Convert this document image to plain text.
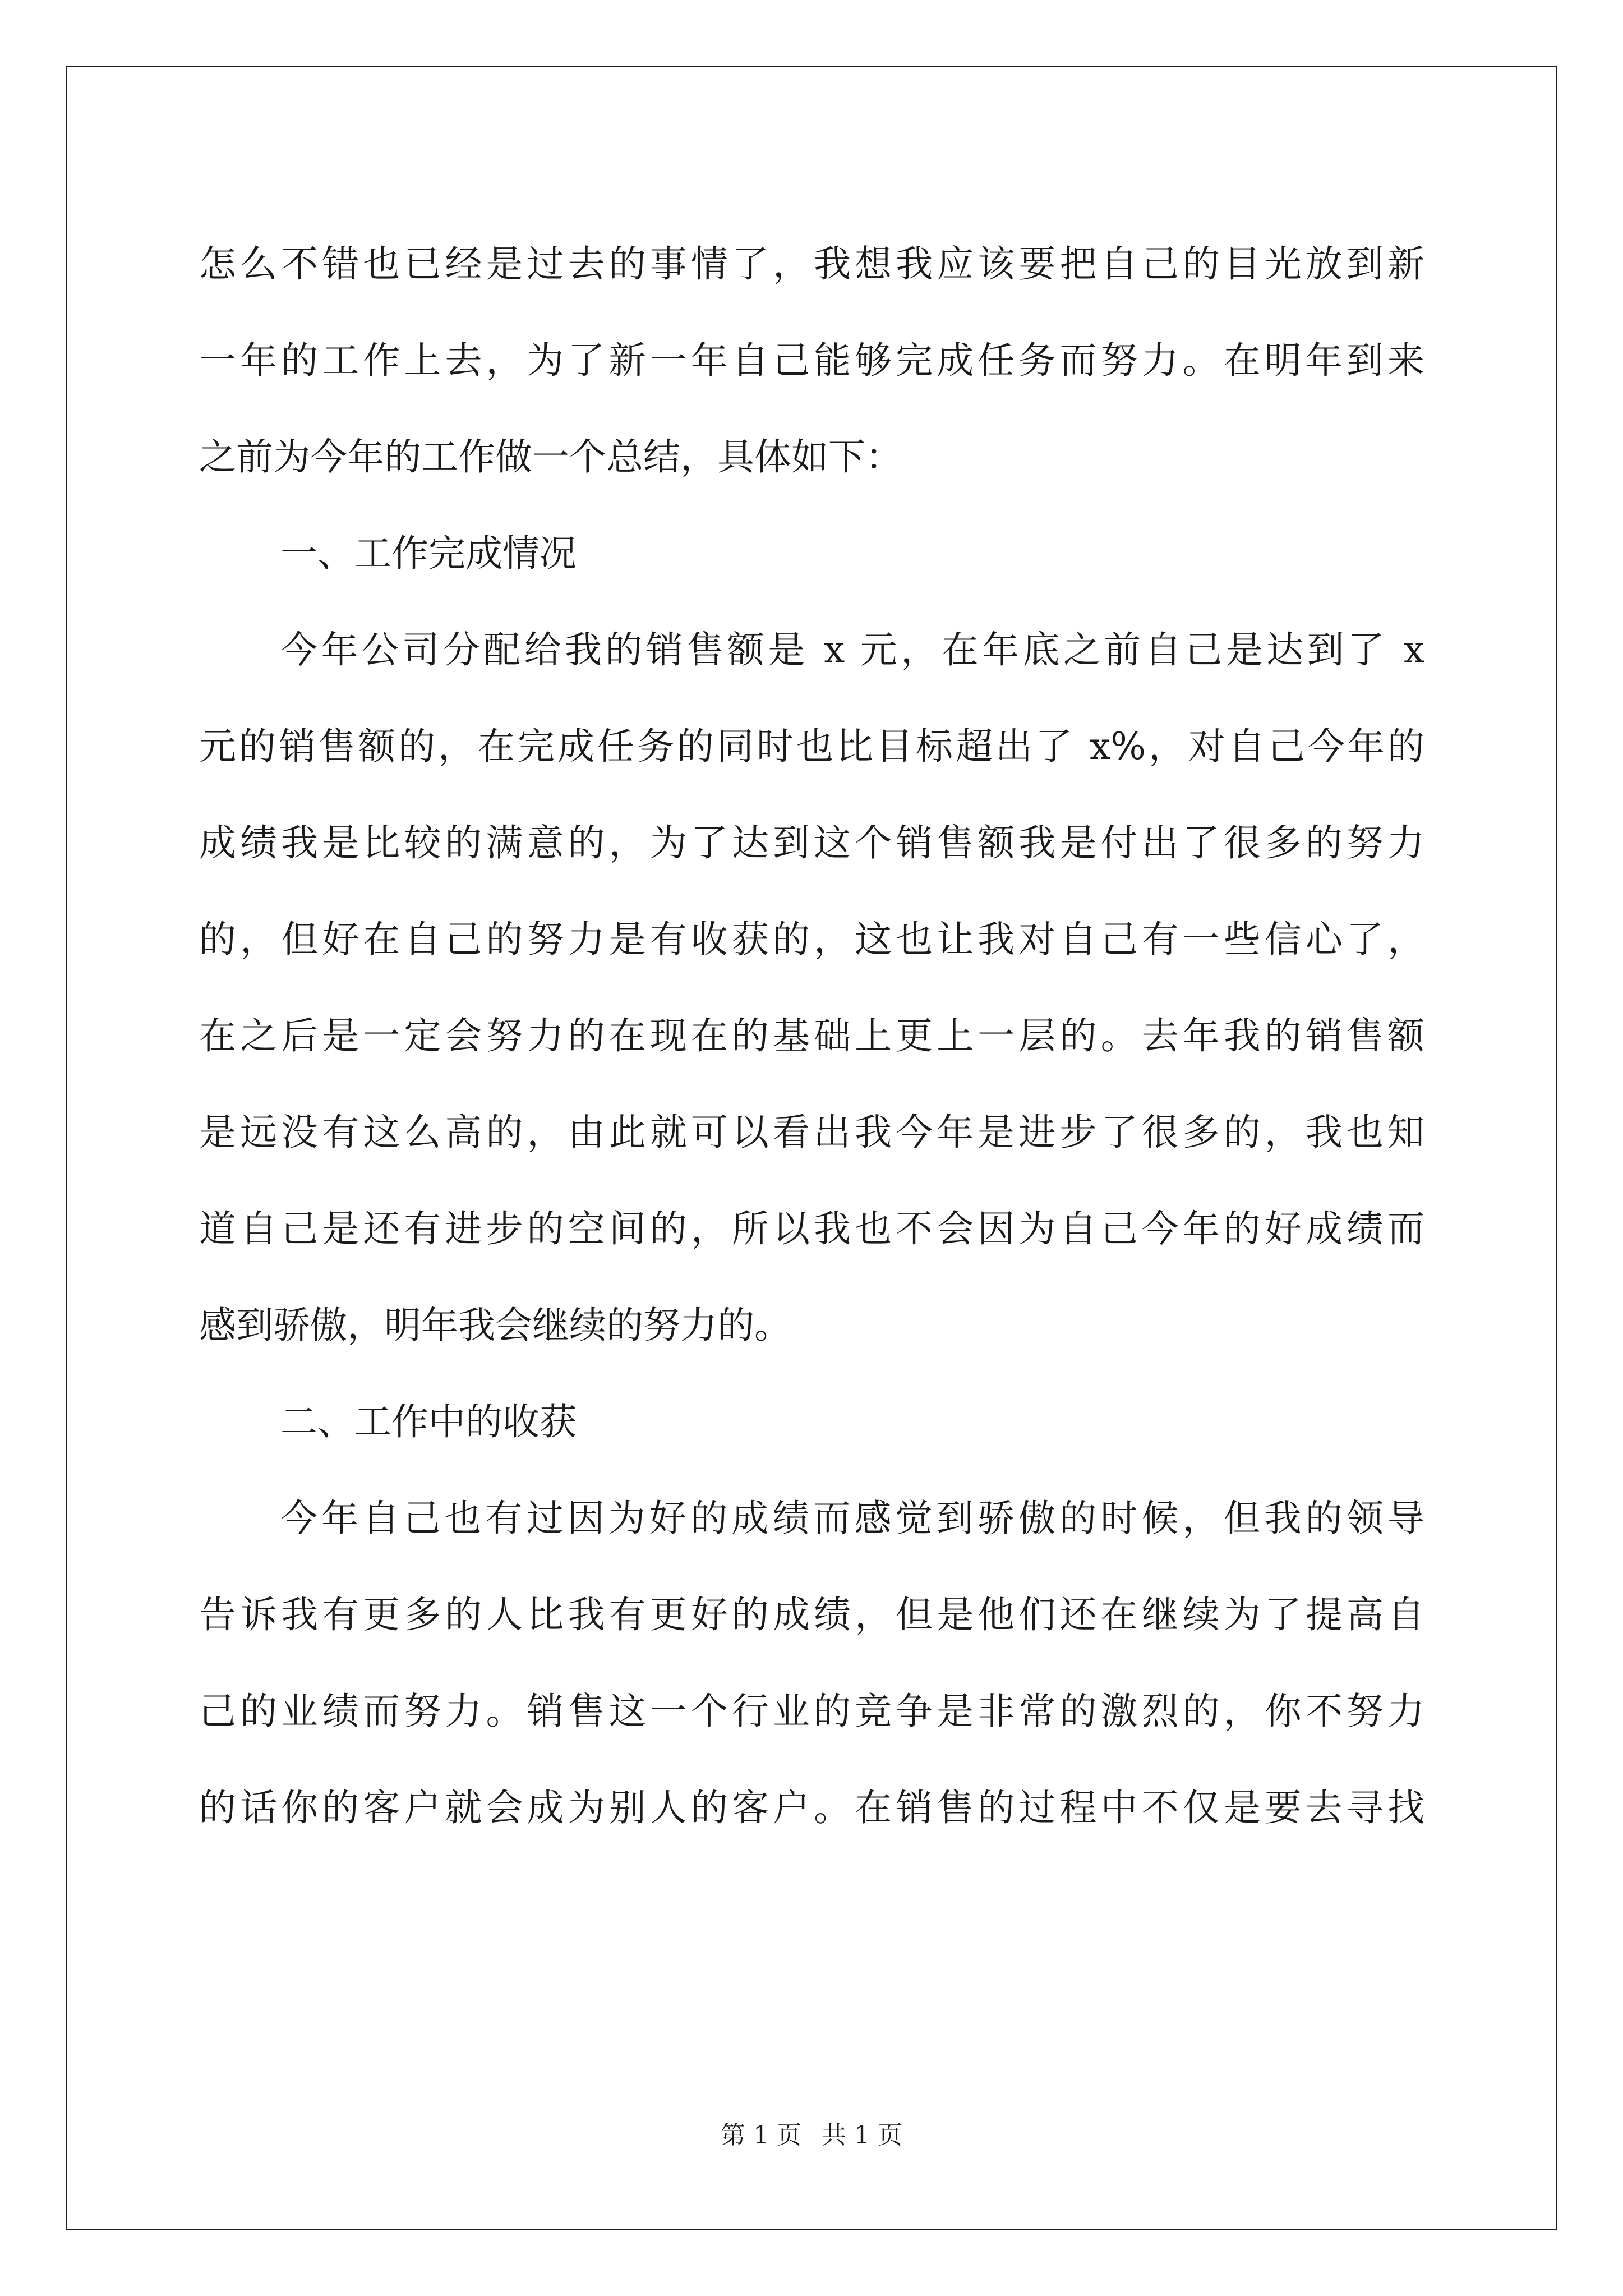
怎么不错也已经是过去的事情了，我想我应该要把自己的目光放到新
一年的工作上去，为了新一年自己能够完成任务而努力。在明年到来
之前为今年的工作做一个总结，具体如下：
一、工作完成情况
今年公司分配给我的销售额是 x 元，在年底之前自己是达到了 x
元的销售额的，在完成任务的同时也比目标超出了 x%，对自己今年的
成绩我是比较的满意的，为了达到这个销售额我是付出了很多的努力
的，但好在自己的努力是有收获的，这也让我对自己有一些信心了，
在之后是一定会努力的在现在的基础上更上一层的。去年我的销售额
是远没有这么高的，由此就可以看出我今年是进步了很多的，我也知
道自己是还有进步的空间的，所以我也不会因为自己今年的好成绩而
感到骄傲，明年我会继续的努力的。
二、工作中的收获
今年自己也有过因为好的成绩而感觉到骄傲的时候，但我的领导
告诉我有更多的人比我有更好的成绩，但是他们还在继续为了提高自
己的业绩而努力。销售这一个行业的竞争是非常的激烈的，你不努力
的话你的客户就会成为别人的客户。在销售的过程中不仅是要去寻找
第 1 页 共 1 页
